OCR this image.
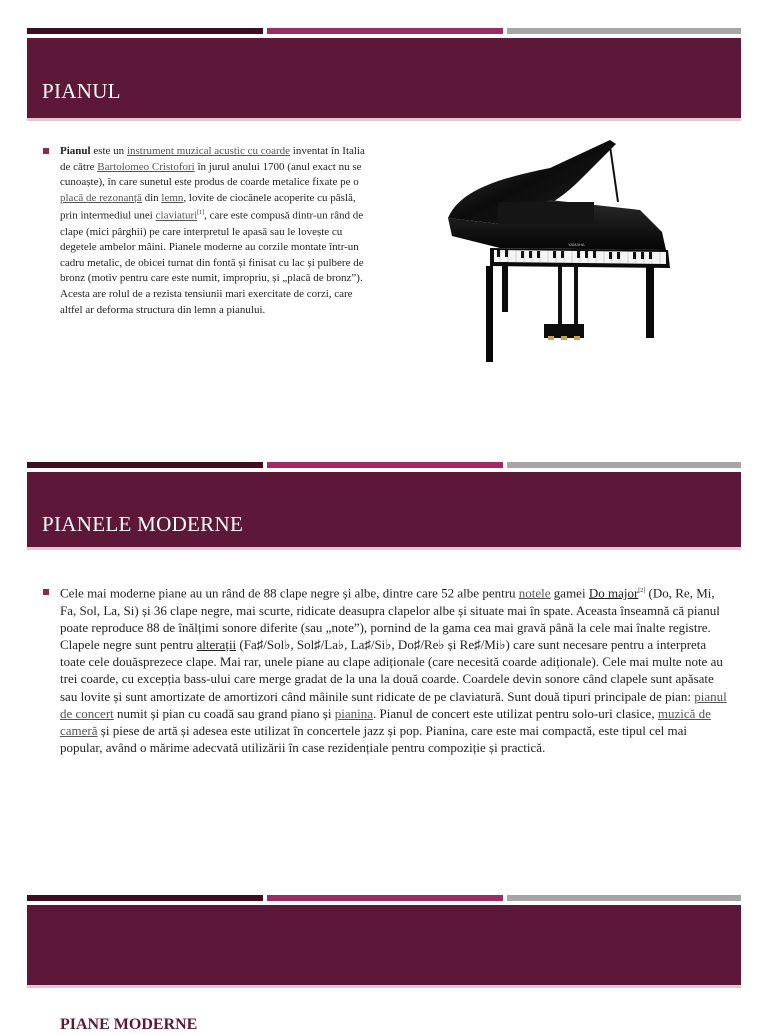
PIANUL
Pianul este un instrument muzical acustic cu coarde inventat în Italia de către Bartolomeo Cristofori în jurul anului 1700 (anul exact nu se cunoaște), în care sunetul este produs de coarde metalice fixate pe o placă de rezonanță din lemn, lovite de ciocănele acoperite cu pâslă, prin intermediul unei claviaturi[1], care este compusă dintr-un rând de clape (mici pârghii) pe care interpretul le apasă sau le lovește cu degetele ambelor mâini. Pianele moderne au corzile montate într-un cadru metalic, de obicei turnat din fontă și finisat cu lac și pulbere de bronz (motiv pentru care este numit, impropriu, și „placă de bronz”). Acesta are rolul de a rezista tensiunii mari exercitate de corzi, care altfel ar deforma structura din lemn a pianului.
YAMAHA
PIANELE MODERNE
Cele mai moderne piane au un rând de 88 clape negre și albe, dintre care 52 albe pentru notele gamei Do major[2] (Do, Re, Mi, Fa, Sol, La, Si) și 36 clape negre, mai scurte, ridicate deasupra clapelor albe și situate mai în spate. Aceasta înseamnă că pianul poate reproduce 88 de înălțimi sonore diferite (sau „note”), pornind de la gama cea mai gravă până la cele mai înalte registre. Clapele negre sunt pentru alterații (Fa♯/Sol♭, Sol♯/La♭, La♯/Si♭, Do♯/Re♭ și Re♯/Mi♭) care sunt necesare pentru a interpreta toate cele douăsprezece clape. Mai rar, unele piane au clape adiționale (care necesită coarde adiționale). Cele mai multe note au trei coarde, cu excepția bass-ului care merge gradat de la una la două coarde. Coardele devin sonore când clapele sunt apăsate sau lovite și sunt amortizate de amortizori când mâinile sunt ridicate de pe claviatură. Sunt două tipuri principale de pian: pianul de concert numit și pian cu coadă sau grand piano și pianina. Pianul de concert este utilizat pentru solo-uri clasice, muzică de cameră și piese de artă și adesea este utilizat în concertele jazz și pop. Pianina, care este mai compactă, este tipul cel mai popular, având o mărime adecvată utilizării în case rezidențiale pentru compoziție și practică.
PIANE MODERNE
